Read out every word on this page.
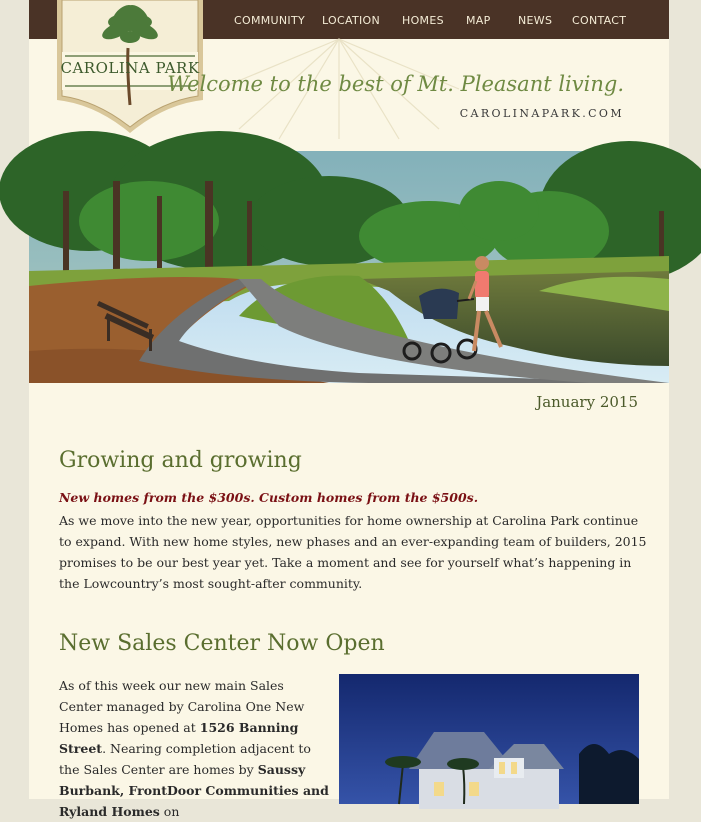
COMMUNITY LOCATION HOMES MAP NEWS CONTACT
CAROLINA PARK
Welcome to the best of Mt. Pleasant living.
CAROLINAPARK.COM
January 2015
Growing and growing
New homes from the $300s. Custom homes from the $500s.
As we move into the new year, opportunities for home ownership at Carolina Park continue to expand. With new home styles, new phases and an ever-expanding team of builders, 2015 promises to be our best year yet. Take a moment and see for yourself what’s happening in the Lowcountry’s most sought-after community.
New Sales Center Now Open
As of this week our new main Sales Center managed by Carolina One New Homes has opened at 1526 Banning Street. Nearing completion adjacent to the Sales Center are homes by Saussy Burbank, FrontDoor Communities and Ryland Homes on
